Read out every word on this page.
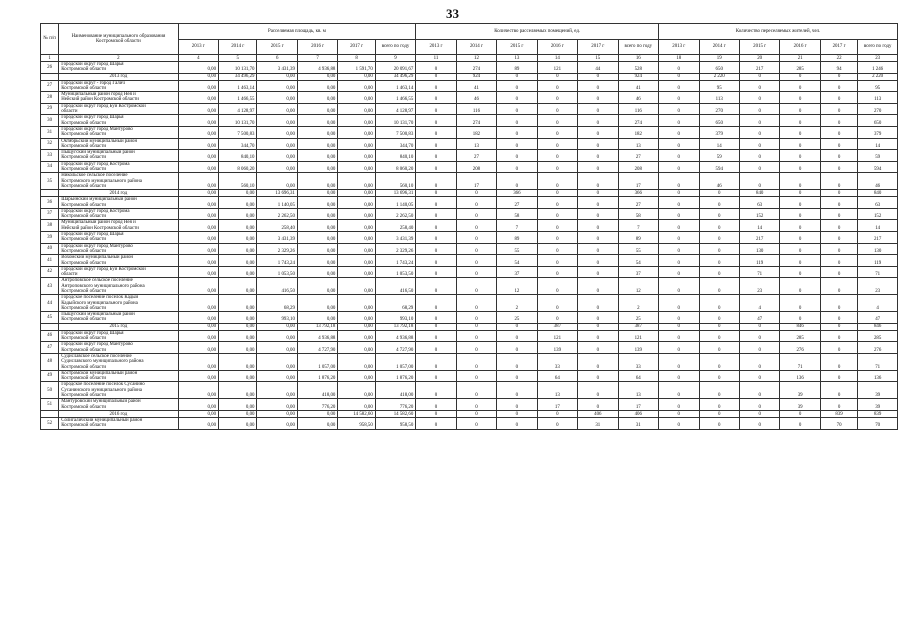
33
№ п/п	Наименование муниципального образования Костромской области	Расселяемая площадь, кв. м						Количество расселяемых помещений, ед.						Количество переселяемых жителей, чел.					
		2013 г	2014 г	2015 г	2016 г	2017 г	всего по году	2013 г	2014 г	2015 г	2016 г	2017 г	всего по году	2013 г	2014 г	2015 г	2016 г	2017 г	всего по году
1	2	4	5	6	7	8	9	11	12	13	14	15	16	18	19	20	21	22	23
26	Городской округ город Шарья
Костромской области	0,00	10 131,70	3 431,39	4 936,88	1 591,70	20 091,67	0	274	89	121	44	528	0	650	217	285	94	1 246
	2013 год	0,00	34 496,29	0,00	0,00	0,00	34 496,29	0	924	0	0	0	924	0	2 220	0	0	0	2 220
27	Городской округ - город Галич
Костромской области	0,00	1 463,14	0,00	0,00	0,00	1 463,14	0	41	0	0	0	41	0	95	0	0	0	95
28	Муниципальный район город Нея и
Нейский район Костромской области	0,00	1 466,55	0,00	0,00	0,00	1 466,55	0	46	0	0	0	46	0	113	0	0	0	113
29	Городской округ город Буй Костромской
области	0,00	4 128,97	0,00	0,00	0,00	4 128,97	0	116	0	0	0	116	0	270	0	0	0	270
30	Городской округ город Шарья
Костромской области	0,00	10 131,70	0,00	0,00	0,00	10 131,70	0	274	0	0	0	274	0	650	0	0	0	650
31	Городской округ город Мантурово
Костромской области	0,00	7 500,83	0,00	0,00	0,00	7 500,83	0	182	0	0	0	182	0	379	0	0	0	379
32	Октябрьский муниципальный район
Костромской области	0,00	344,70	0,00	0,00	0,00	344,70	0	13	0	0	0	13	0	14	0	0	0	14
33	Пыщугский муниципальный район
Костромской области	0,00	840,10	0,00	0,00	0,00	840,10	0	27	0	0	0	27	0	59	0	0	0	59
34	Городской округ город Кострома
Костромской области	0,00	8 060,20	0,00	0,00	0,00	8 060,20	0	208	0	0	0	208	0	594	0	0	0	594
35	Никольское сельское поселение
Костромского муниципального района
Костромской области	0,00	560,10	0,00	0,00	0,00	560,10	0	17	0	0	0	17	0	46	0	0	0	46
	2014 год	0,00	0,00	13 696,31	0,00	0,00	13 696,31	0	0	366	0	0	366	0	0	840	0	0	840
36	Шарьинский муниципальный район
Костромской области	0,00	0,00	1 140,05	0,00	0,00	1 140,05	0	0	27	0	0	27	0	0	63	0	0	63
37	Городской округ город Кострома
Костромской области	0,00	0,00	2 262,50	0,00	0,00	2 262,50	0	0	58	0	0	58	0	0	152	0	0	152
38	Муниципальный район город Нея и
Нейский район Костромской области	0,00	0,00	258,40	0,00	0,00	258,40	0	0	7	0	0	7	0	0	14	0	0	14
39	Городской округ город Шарья
Костромской области	0,00	0,00	3 431,39	0,00	0,00	3 431,39	0	0	89	0	0	89	0	0	217	0	0	217
40	Городской округ город Мантурово
Костромской области	0,00	0,00	2 329,26	0,00	0,00	2 329,26	0	0	55	0	0	55	0	0	130	0	0	130
41	Вохомский муниципальный район
Костромской области	0,00	0,00	1 743,24	0,00	0,00	1 743,24	0	0	54	0	0	54	0	0	119	0	0	119
42	Городской округ город Буй Костромской
области	0,00	0,00	1 053,50	0,00	0,00	1 053,50	0	0	37	0	0	37	0	0	71	0	0	71
43	Антроповское сельское поселение
Антроповского муниципального района
Костромской области	0,00	0,00	416,50	0,00	0,00	416,50	0	0	12	0	0	12	0	0	23	0	0	23
44	Городское поселение поселок Кадый
Кадыйского муниципального района
Костромской области	0,00	0,00	68,29	0,00	0,00	68,29	0	0	2	0	0	2	0	0	4	0	0	4
45	Пыщугский муниципальный район
Костромской области	0,00	0,00	993,10	0,00	0,00	993,10	0	0	25	0	0	25	0	0	47	0	0	47
	2015 год	0,00	0,00	0,00	13 792,18	0,00	13 792,18	0	0	0	387	0	387	0	0	0	846	0	846
46	Городской округ город Шарья
Костромской области	0,00	0,00	0,00	4 936,88	0,00	4 936,88	0	0	0	121	0	121	0	0	0	285	0	285
47	Городской округ город Мантурово
Костромской области	0,00	0,00	0,00	4 727,90	0,00	4 727,90	0	0	0	139	0	139	0	0	0	276	0	276
48	Судиславское сельское поселение
Судиславского муниципального района
Костромской области	0,00	0,00	0,00	1 057,00	0,00	1 057,00	0	0	0	33	0	33	0	0	0	71	0	71
49	Костромской муниципальный район
Костромской области	0,00	0,00	0,00	1 876,20	0,00	1 876,20	0	0	0	64	0	64	0	0	0	136	0	136
50	Городское поселение поселок Сусанино
Сусанинского муниципального района
Костромской области	0,00	0,00	0,00	418,00	0,00	418,00	0	0	0	13	0	13	0	0	0	39	0	39
51	Мантуровский муниципальный район
Костромской области	0,00	0,00	0,00	776,20	0,00	776,20	0	0	0	17	0	17	0	0	0	39	0	39
	2016 год	0,00	0,00	0,00	0,00	14 582,60	14 582,60	0	0	0	0	406	406	0	0	0	0	839	839
52	Солигаличский муниципальный район
Костромской области	0,00	0,00	0,00	0,00	958,50	958,50	0	0	0	0	31	31	0	0	0	0	70	70
